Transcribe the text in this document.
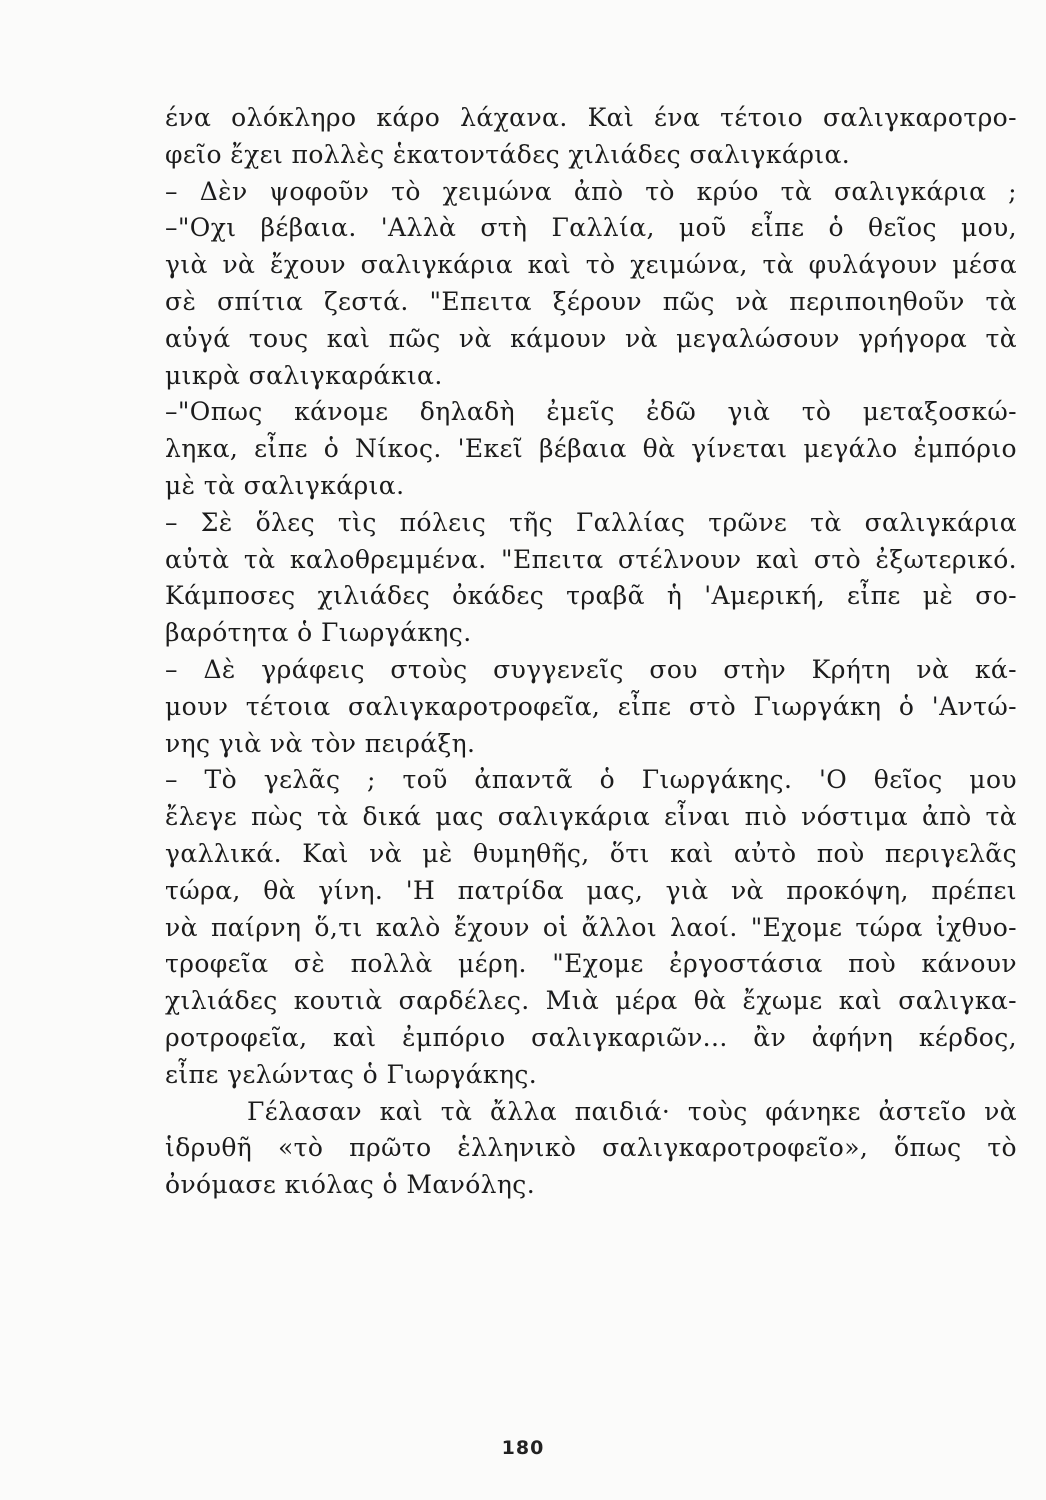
ένα ολόκληρο κάρο λάχανα. Καὶ ένα τέτοιο σαλιγκαροτρο-
φεῖο ἔχει πολλὲς ἑκατοντάδες χιλιάδες σαλιγκάρια.
– Δὲν ψοφοῦν τὸ χειμώνα ἀπὸ τὸ κρύο τὰ σαλιγκάρια ;
–"Οχι βέβαια. 'Αλλὰ στὴ Γαλλία, μοῦ εἶπε ὁ θεῖος μου,
γιὰ νὰ ἔχουν σαλιγκάρια καὶ τὸ χειμώνα, τὰ φυλάγουν μέσα
σὲ σπίτια ζεστά. "Επειτα ξέρουν πῶς νὰ περιποιηθοῦν τὰ
αὐγά τους καὶ πῶς νὰ κάμουν νὰ μεγαλώσουν γρήγορα τὰ
μικρὰ σαλιγκαράκια.
–"Οπως κάνομε δηλαδὴ ἐμεῖς ἐδῶ γιὰ τὸ μεταξοσκώ-
ληκα, εἶπε ὁ Νίκος. 'Εκεῖ βέβαια θὰ γίνεται μεγάλο ἐμπόριο
μὲ τὰ σαλιγκάρια.
– Σὲ ὅλες τὶς πόλεις τῆς Γαλλίας τρῶνε τὰ σαλιγκάρια
αὐτὰ τὰ καλοθρεμμένα. "Επειτα στέλνουν καὶ στὸ ἐξωτερικό.
Κάμποσες χιλιάδες ὀκάδες τραβᾶ ἡ 'Αμερική, εἶπε μὲ σο-
βαρότητα ὁ Γιωργάκης.
– Δὲ γράφεις στοὺς συγγενεῖς σου στὴν Κρήτη νὰ κά-
μουν τέτοια σαλιγκαροτροφεῖα, εἶπε στὸ Γιωργάκη ὁ 'Αντώ-
νης γιὰ νὰ τὸν πειράξη.
– Τὸ γελᾶς ; τοῦ ἀπαντᾶ ὁ Γιωργάκης. 'Ο θεῖος μου
ἔλεγε πὼς τὰ δικά μας σαλιγκάρια εἶναι πιὸ νόστιμα ἀπὸ τὰ
γαλλικά. Καὶ νὰ μὲ θυμηθῆς, ὅτι καὶ αὐτὸ ποὺ περιγελᾶς
τώρα, θὰ γίνη. 'Η πατρίδα μας, γιὰ νὰ προκόψη, πρέπει
νὰ παίρνη ὅ,τι καλὸ ἔχουν οἱ ἄλλοι λαοί. "Εχομε τώρα ἰχθυο-
τροφεῖα σὲ πολλὰ μέρη. "Εχομε ἐργοστάσια ποὺ κάνουν
χιλιάδες κουτιὰ σαρδέλες. Μιὰ μέρα θὰ ἔχωμε καὶ σαλιγκα-
ροτροφεῖα, καὶ ἐμπόριο σαλιγκαριῶν... ἂν ἀφήνη κέρδος,
εἶπε γελώντας ὁ Γιωργάκης.
Γέλασαν καὶ τὰ ἄλλα παιδιά· τοὺς φάνηκε ἀστεῖο νὰ
ἱδρυθῆ «τὸ πρῶτο ἑλληνικὸ σαλιγκαροτροφεῖο», ὅπως τὸ
ὀνόμασε κιόλας ὁ Μανόλης.
180
